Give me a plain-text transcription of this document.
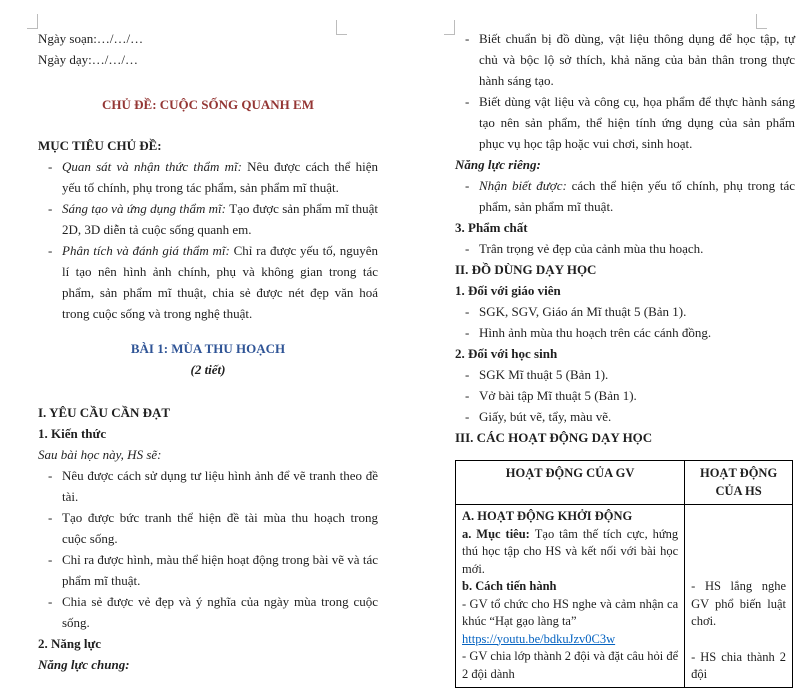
Ngày soạn:…/…/…

Ngày dạy:…/…/…

CHỦ ĐỀ: CUỘC SỐNG QUANH EM

MỤC TIÊU CHỦ ĐỀ:

- Quan sát và nhận thức thẩm mĩ: Nêu được cách thể hiện yếu tố chính, phụ trong tác phẩm, sản phẩm mĩ thuật.
- Sáng tạo và ứng dụng thẩm mĩ: Tạo được sản phẩm mĩ thuật 2D, 3D diễn tả cuộc sống quanh em.
- Phân tích và đánh giá thẩm mĩ: Chỉ ra được yếu tố, nguyên lí tạo nên hình ảnh chính, phụ và không gian trong tác phẩm, sản phẩm mĩ thuật, chia sẻ được nét đẹp văn hoá trong cuộc sống và trong nghệ thuật.

BÀI 1: MÙA THU HOẠCH

(2 tiết)

I. YÊU CẦU CẦN ĐẠT

1. Kiến thức

Sau bài học này, HS sẽ:

- Nêu được cách sử dụng tư liệu hình ảnh để vẽ tranh theo đề tài.
- Tạo được bức tranh thể hiện đề tài mùa thu hoạch trong cuộc sống.
- Chỉ ra được hình, màu thể hiện hoạt động trong bài vẽ và tác phẩm mĩ thuật.
- Chia sẻ được vẻ đẹp và ý nghĩa của ngày mùa trong cuộc sống.

2. Năng lực

Năng lực chung:

- Biết chuẩn bị đồ dùng, vật liệu thông dụng để học tập, tự chủ và bộc lộ sở thích, khả năng của bản thân trong thực hành sáng tạo.
- Biết dùng vật liệu và công cụ, họa phẩm để thực hành sáng tạo nên sản phẩm, thể hiện tính ứng dụng của sản phẩm phục vụ học tập hoặc vui chơi, sinh hoạt.

Năng lực riêng:

- Nhận biết được: cách thể hiện yếu tố chính, phụ trong tác phẩm, sản phẩm mĩ thuật.

3. Phẩm chất

- Trân trọng vẻ đẹp của cảnh mùa thu hoạch.

II. ĐỒ DÙNG DẠY HỌC

1. Đối với giáo viên

- SGK, SGV, Giáo án Mĩ thuật 5 (Bản 1).
- Hình ảnh mùa thu hoạch trên các cánh đồng.

2. Đối với học sinh

- SGK Mĩ thuật 5 (Bản 1).
- Vở bài tập Mĩ thuật 5 (Bản 1).
- Giấy, bút vẽ, tẩy, màu vẽ.

III. CÁC HOẠT ĐỘNG DẠY HỌC

HOẠT ĐỘNG CỦA GV	HOẠT ĐỘNG CỦA HS

A. HOẠT ĐỘNG KHỞI ĐỘNG

a. Mục tiêu: Tạo tâm thế tích cực, hứng thú học tập cho HS và kết nối với bài học mới.

b. Cách tiến hành

- GV tổ chức cho HS nghe và cảm nhận ca khúc “Hạt gạo làng ta”

https://youtu.be/bdkuJzv0C3w

- GV chia lớp thành 2 đội và đặt câu hỏi để 2 đội dành

- HS lắng nghe GV phổ biến luật chơi.

- HS chia thành 2 đội
